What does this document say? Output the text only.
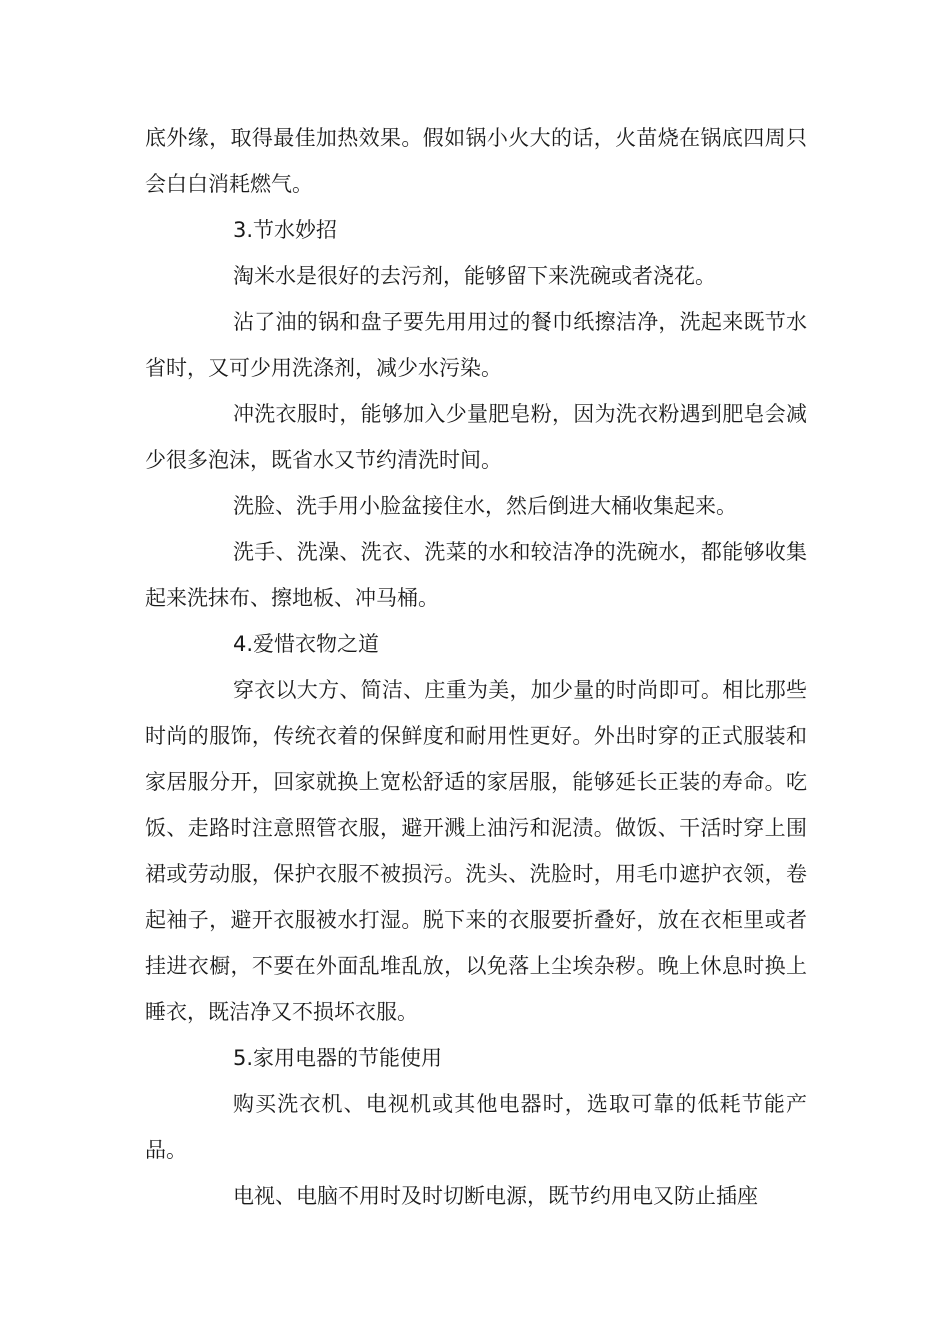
底外缘，取得最佳加热效果。假如锅小火大的话，火苗烧在锅底四周只会白白消耗燃气。

3.节水妙招

淘米水是很好的去污剂，能够留下来洗碗或者浇花。

沾了油的锅和盘子要先用用过的餐巾纸擦洁净，洗起来既节水省时，又可少用洗涤剂，减少水污染。

冲洗衣服时，能够加入少量肥皂粉，因为洗衣粉遇到肥皂会减少很多泡沫，既省水又节约清洗时间。

洗脸、洗手用小脸盆接住水，然后倒进大桶收集起来。

洗手、洗澡、洗衣、洗菜的水和较洁净的洗碗水，都能够收集起来洗抹布、擦地板、冲马桶。

4.爱惜衣物之道

穿衣以大方、简洁、庄重为美，加少量的时尚即可。相比那些时尚的服饰，传统衣着的保鲜度和耐用性更好。外出时穿的正式服装和家居服分开，回家就换上宽松舒适的家居服，能够延长正装的寿命。吃饭、走路时注意照管衣服，避开溅上油污和泥渍。做饭、干活时穿上围裙或劳动服，保护衣服不被损污。洗头、洗脸时，用毛巾遮护衣领，卷起袖子，避开衣服被水打湿。脱下来的衣服要折叠好，放在衣柜里或者挂进衣橱，不要在外面乱堆乱放，以免落上尘埃杂秽。晚上休息时换上睡衣，既洁净又不损坏衣服。

5.家用电器的节能使用

购买洗衣机、电视机或其他电器时，选取可靠的低耗节能产品。

电视、电脑不用时及时切断电源，既节约用电又防止插座
